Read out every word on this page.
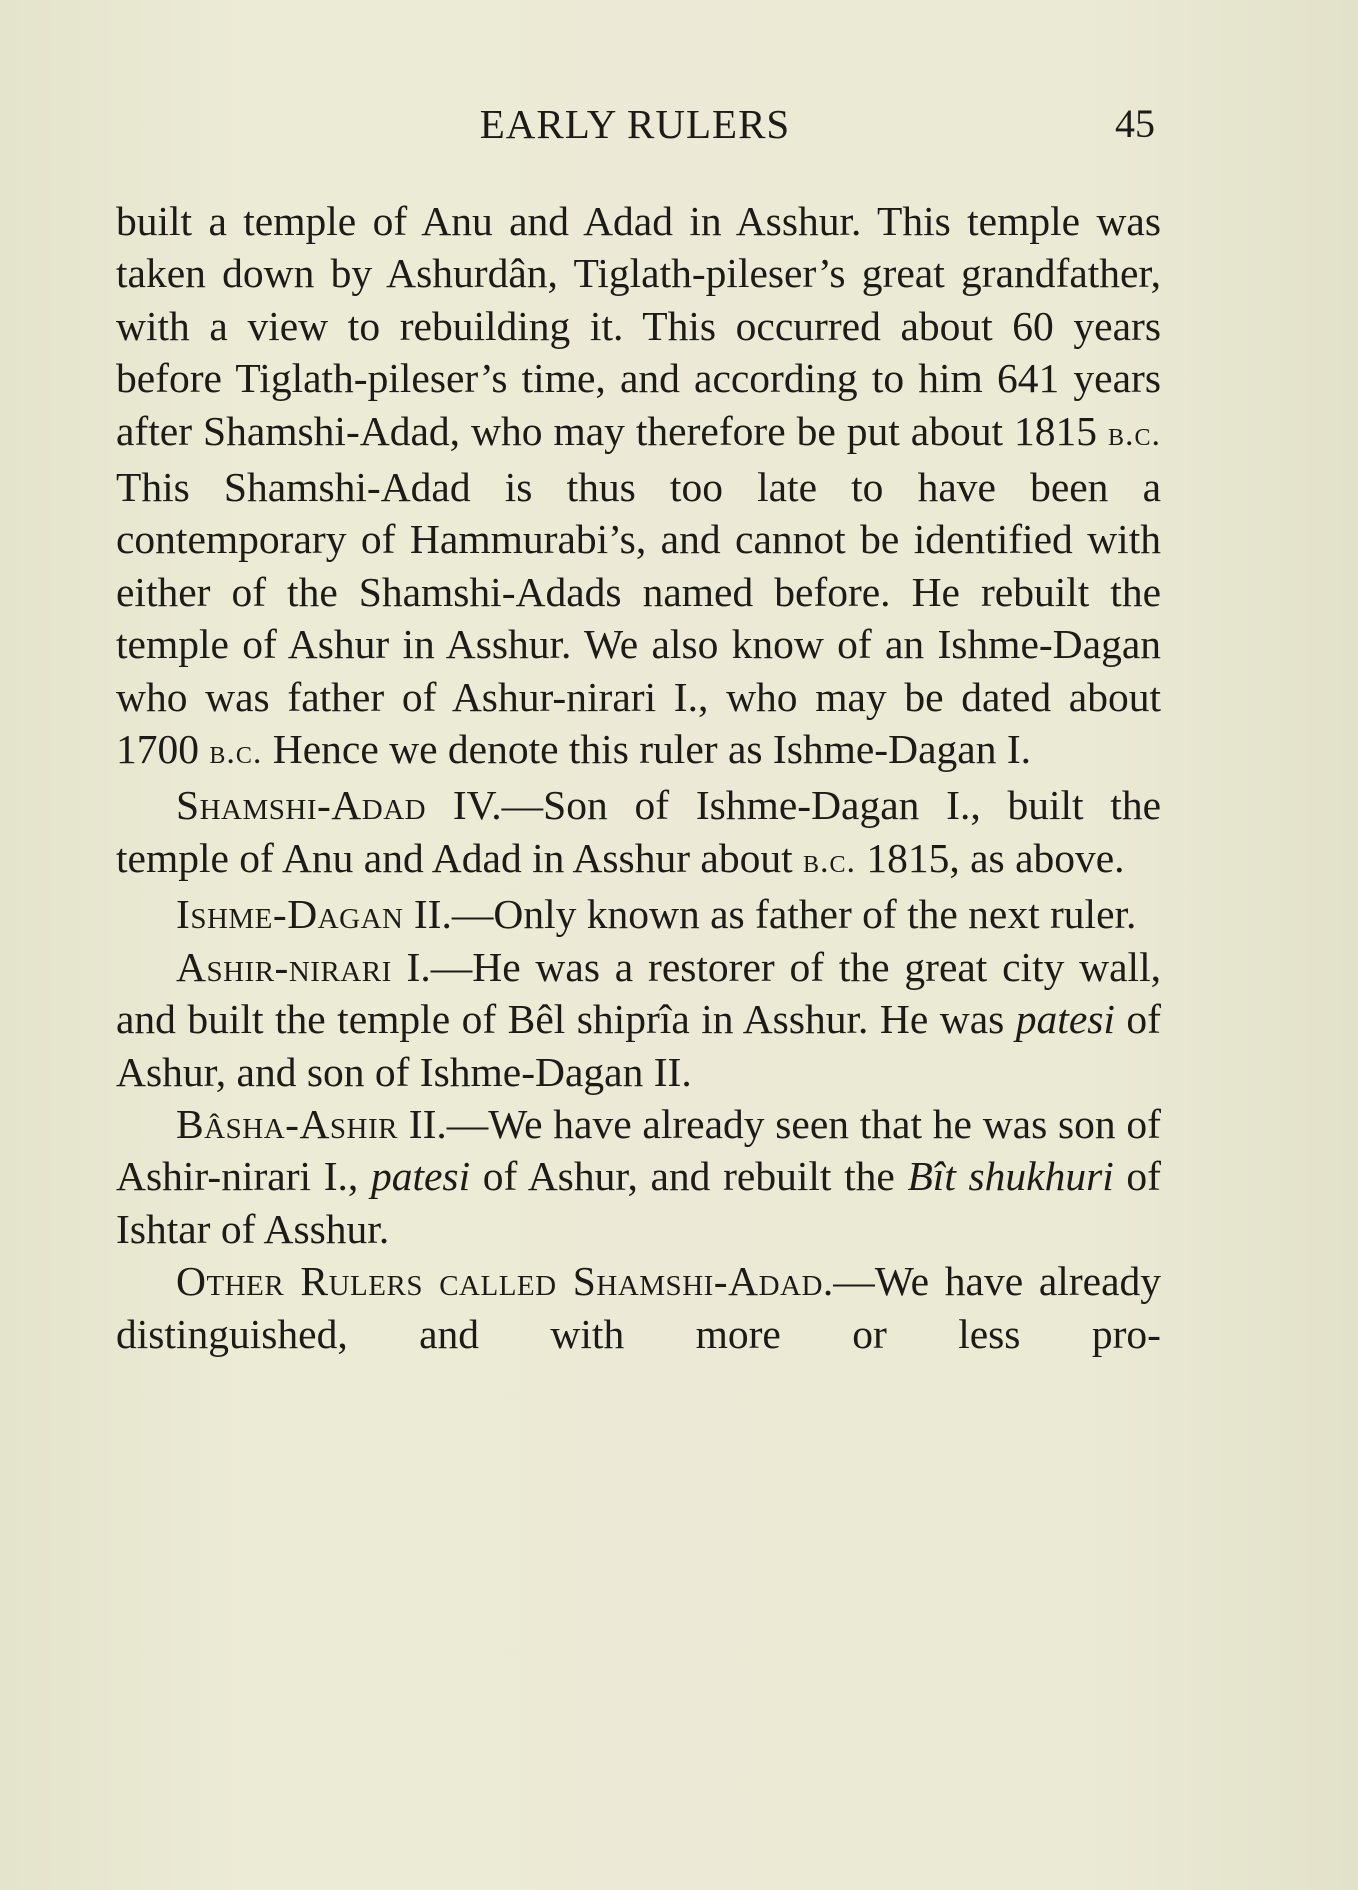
EARLY RULERS	45

built a temple of Anu and Adad in Asshur. This temple was taken down by Ashurdân, Tiglath-pileser’s great grandfather, with a view to rebuilding it. This occurred about 60 years before Tiglath-pileser’s time, and according to him 641 years after Shamshi-Adad, who may therefore be put about 1815 b.c. This Shamshi-Adad is thus too late to have been a contemporary of Hammurabi’s, and cannot be identified with either of the Shamshi-Adads named before. He rebuilt the temple of Ashur in Asshur. We also know of an Ishme-Dagan who was father of Ashur-nirari I., who may be dated about 1700 b.c. Hence we denote this ruler as Ishme-Dagan I.

Shamshi-Adad IV.—Son of Ishme-Dagan I., built the temple of Anu and Adad in Asshur about b.c. 1815, as above.

Ishme-Dagan II.—Only known as father of the next ruler.

Ashir-nirari I.—He was a restorer of the great city wall, and built the temple of Bêl shiprîa in Asshur. He was patesi of Ashur, and son of Ishme-Dagan II.

Bâsha-Ashir II.—We have already seen that he was son of Ashir-nirari I., patesi of Ashur, and rebuilt the Bît shukhuri of Ishtar of Asshur.

Other Rulers called Shamshi-Adad.—We have already distinguished, and with more or less pro-
